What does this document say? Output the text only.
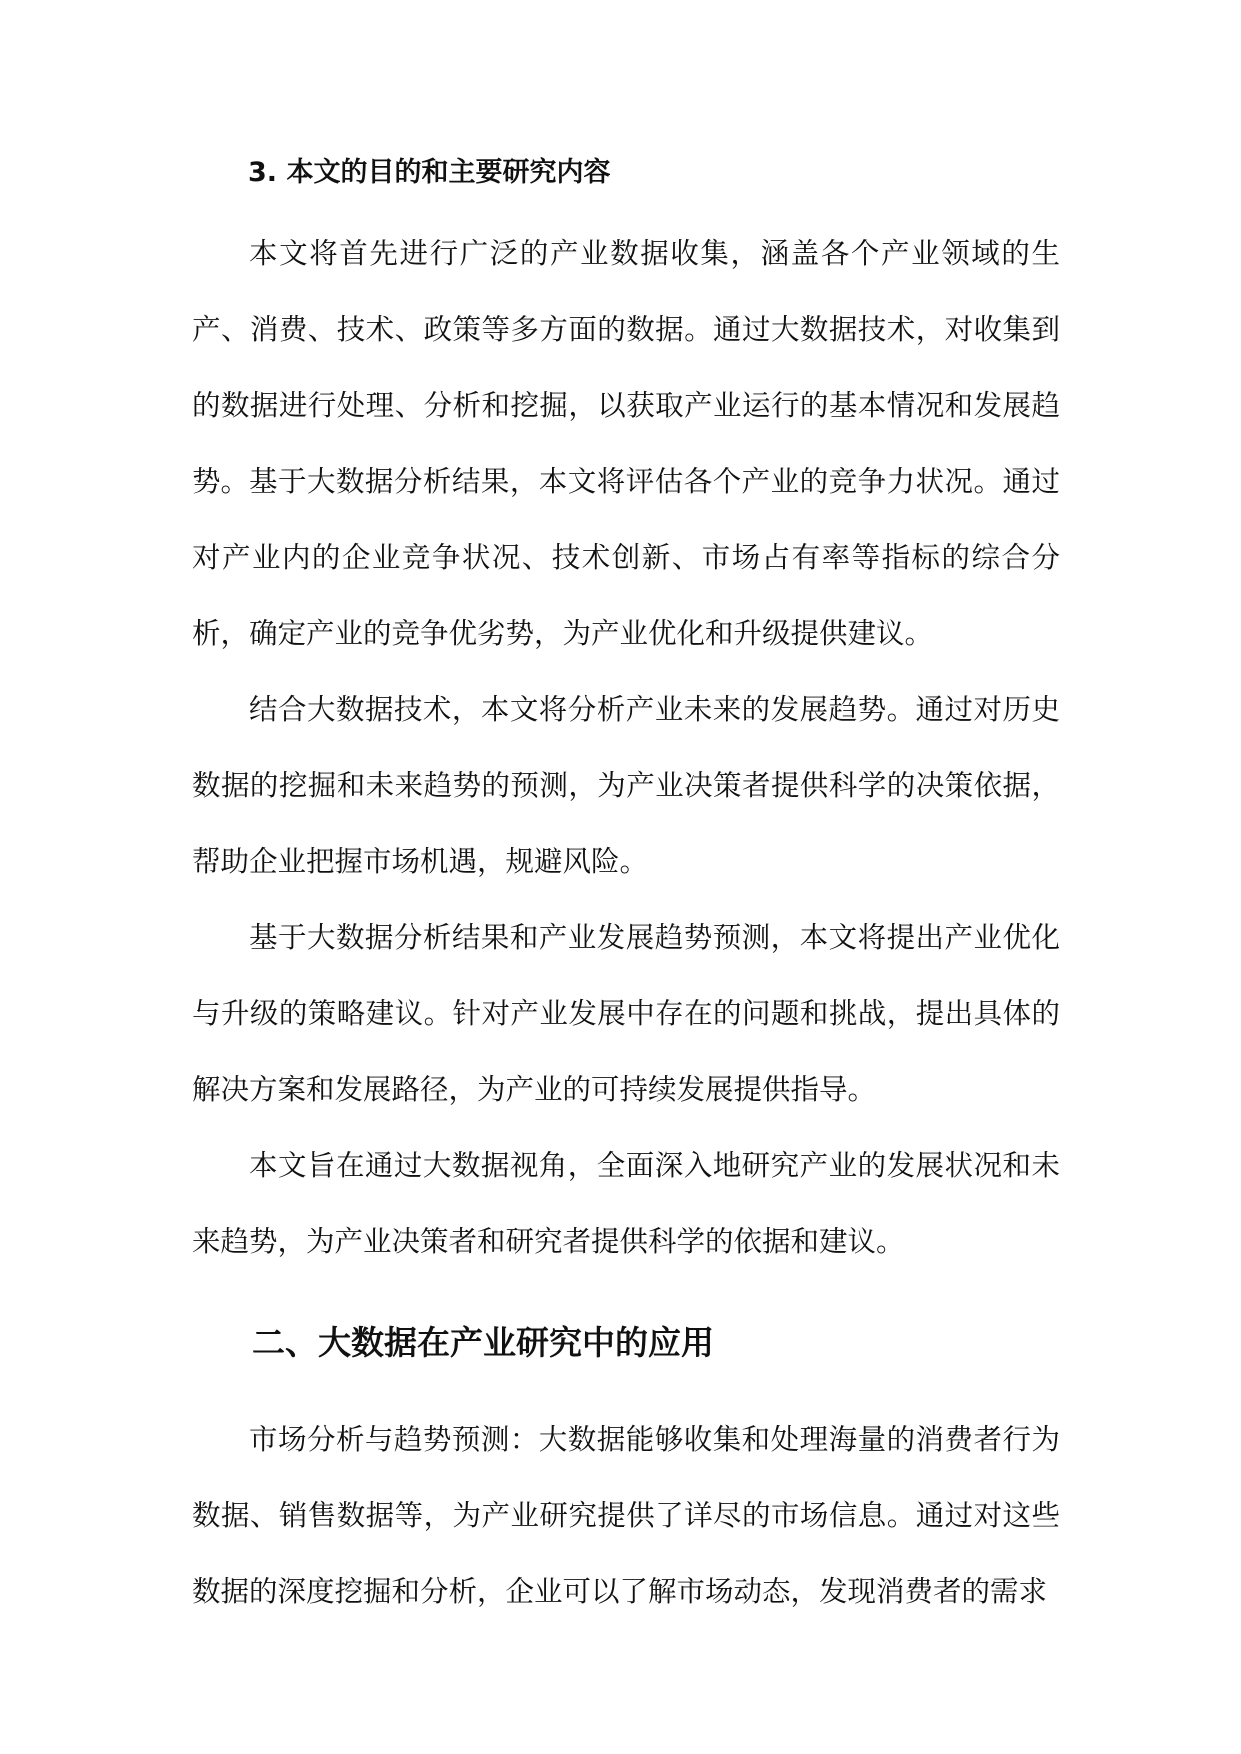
3. 本文的目的和主要研究内容

本文将首先进行广泛的产业数据收集，涵盖各个产业领域的生产、消费、技术、政策等多方面的数据。通过大数据技术，对收集到的数据进行处理、分析和挖掘，以获取产业运行的基本情况和发展趋势。 基于大数据分析结果，本文将评估各个产业的竞争力状况。通过对产业内的企业竞争状况、技术创新、市场占有率等指标的综合分析，确定产业的竞争优劣势，为产业优化和升级提供建议。

结合大数据技术，本文将分析产业未来的发展趋势。通过对历史数据的挖掘和未来趋势的预测，为产业决策者提供科学的决策依据，帮助企业把握市场机遇，规避风险。

基于大数据分析结果和产业发展趋势预测，本文将提出产业优化与升级的策略建议。针对产业发展中存在的问题和挑战，提出具体的解决方案和发展路径，为产业的可持续发展提供指导。

本文旨在通过大数据视角，全面深入地研究产业的发展状况和未来趋势，为产业决策者和研究者提供科学的依据和建议。

二、大数据在产业研究中的应用

市场分析与趋势预测：大数据能够收集和处理海量的消费者行为数据、销售数据等，为产业研究提供了详尽的市场信息。通过对这些数据的深度挖掘和分析，企业可以了解市场动态，发现消费者的需求
